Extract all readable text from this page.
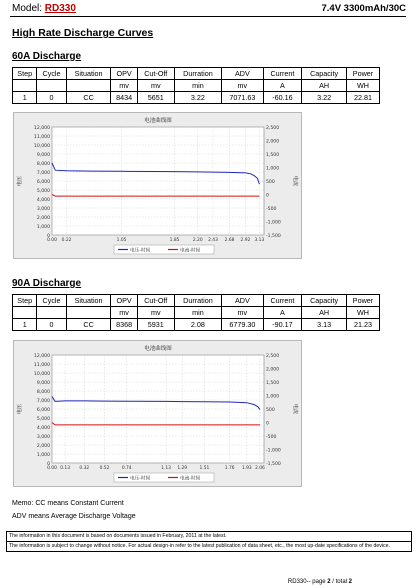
Model: RD330	7.4V 3300mAh/30C
High Rate Discharge Curves
60A Discharge
Step	Cycle	Situation	OPV	Cut-Off	Durration	ADV	Current	Capacity	Power
			mv	mv	min	mv	A	AH	WH
1	0	CC	8434	5651	3.22	7071.63	-60.16	3.22	22.81
电池曲线图
12,000
11,000
10,000
9,000
8,000
7,000
6,000
5,000
4,000
3,000
2,000
1,000
0
2,500
2,000
1,500
1,000
500
0
-500
-1,000
-1,500
0.00 0.22	1.05	1.85	2.20 2.43 2.68 2.92 3.13
电压	电流
电压-时间	电流-时间
90A Discharge
Step	Cycle	Situation	OPV	Cut-Off	Durration	ADV	Current	Capacity	Power
			mv	mv	min	mv	A	AH	WH
1	0	CC	8368	5931	2.08	6779.30	-90.17	3.13	21.23
电池曲线图
12,000
11,000
10,000
9,000
8,000
7,000
6,000
5,000
4,000
3,000
2,000
1,000
0
2,500
2,000
1,500
1,000
500
0
-500
-1,000
-1,500
0.00 0.13 0.32 0.52	0.74	1.13 1.29	1.51	1.76 1.93 2.06
电压	电流
电压-时间	电流-时间
Memo: CC means Constant Current
ADV means Average Discharge Voltage
The information in this document is based on documents issued in February, 2011 at the latest.
The information is subject to change without notice. For actual design-in refer to the latest publication of data sheet, etc., the most up-date specifications of the device.
RD330-- page 2 / total 2
